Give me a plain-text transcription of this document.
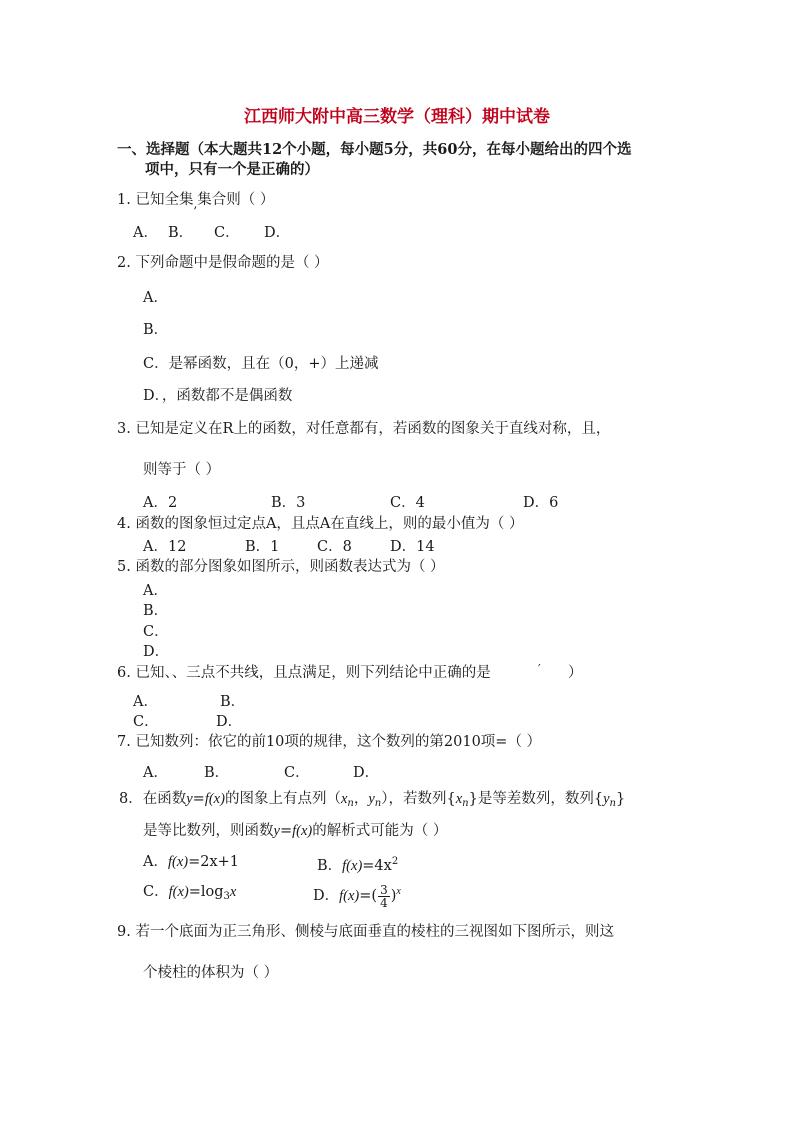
江西师大附中高三数学（理科）期中试卷
一、选择题（本大题共12个小题，每小题5分，共60分，在每小题给出的四个选
项中，只有一个是正确的）
1. 已知全集$_,$集合则（ ）
A． B． C． D．
2. 下列命题中是假命题的是（ ）
A．
B．
C．是幂函数，且在（0，+）上递减
D．，函数都不是偶函数
3. 已知是定义在R上的函数，对任意都有，若函数的图象关于直线对称，且，
则等于（ ）
A．2	B．3	C．4	D．6
4. 函数的图象恒过定点A，且点A在直线上，则的最小值为（ ）
A．12	B．1	C．8	D．14
5. 函数的部分图象如图所示，则函数表达式为（ ）
A．
B．
C．
D．
6. 已知、、三点不共线，且点满足，则下列结论中正确的是	′ ）
A．	B．
C．	D．
7. 已知数列：依它的前10项的规律，这个数列的第2010项=（ ）
A． B．	C．	D．
8．在函数y=f(x)的图象上有点列（$x_n$，$y_n$），若数列$\{x_n\}$是等差数列，数列$\{y_n\}$
是等比数列，则函数y=f(x)的解析式可能为（ ）
A．f(x)=2x+1	B．$f(x)=4x^2$
C．$f(x)=\log_3x$	D．$f(x)=( \frac{3}{4} )^x$
9. 若一个底面为正三角形、侧棱与底面垂直的棱柱的三视图如下图所示，则这
个棱柱的体积为（ ）
